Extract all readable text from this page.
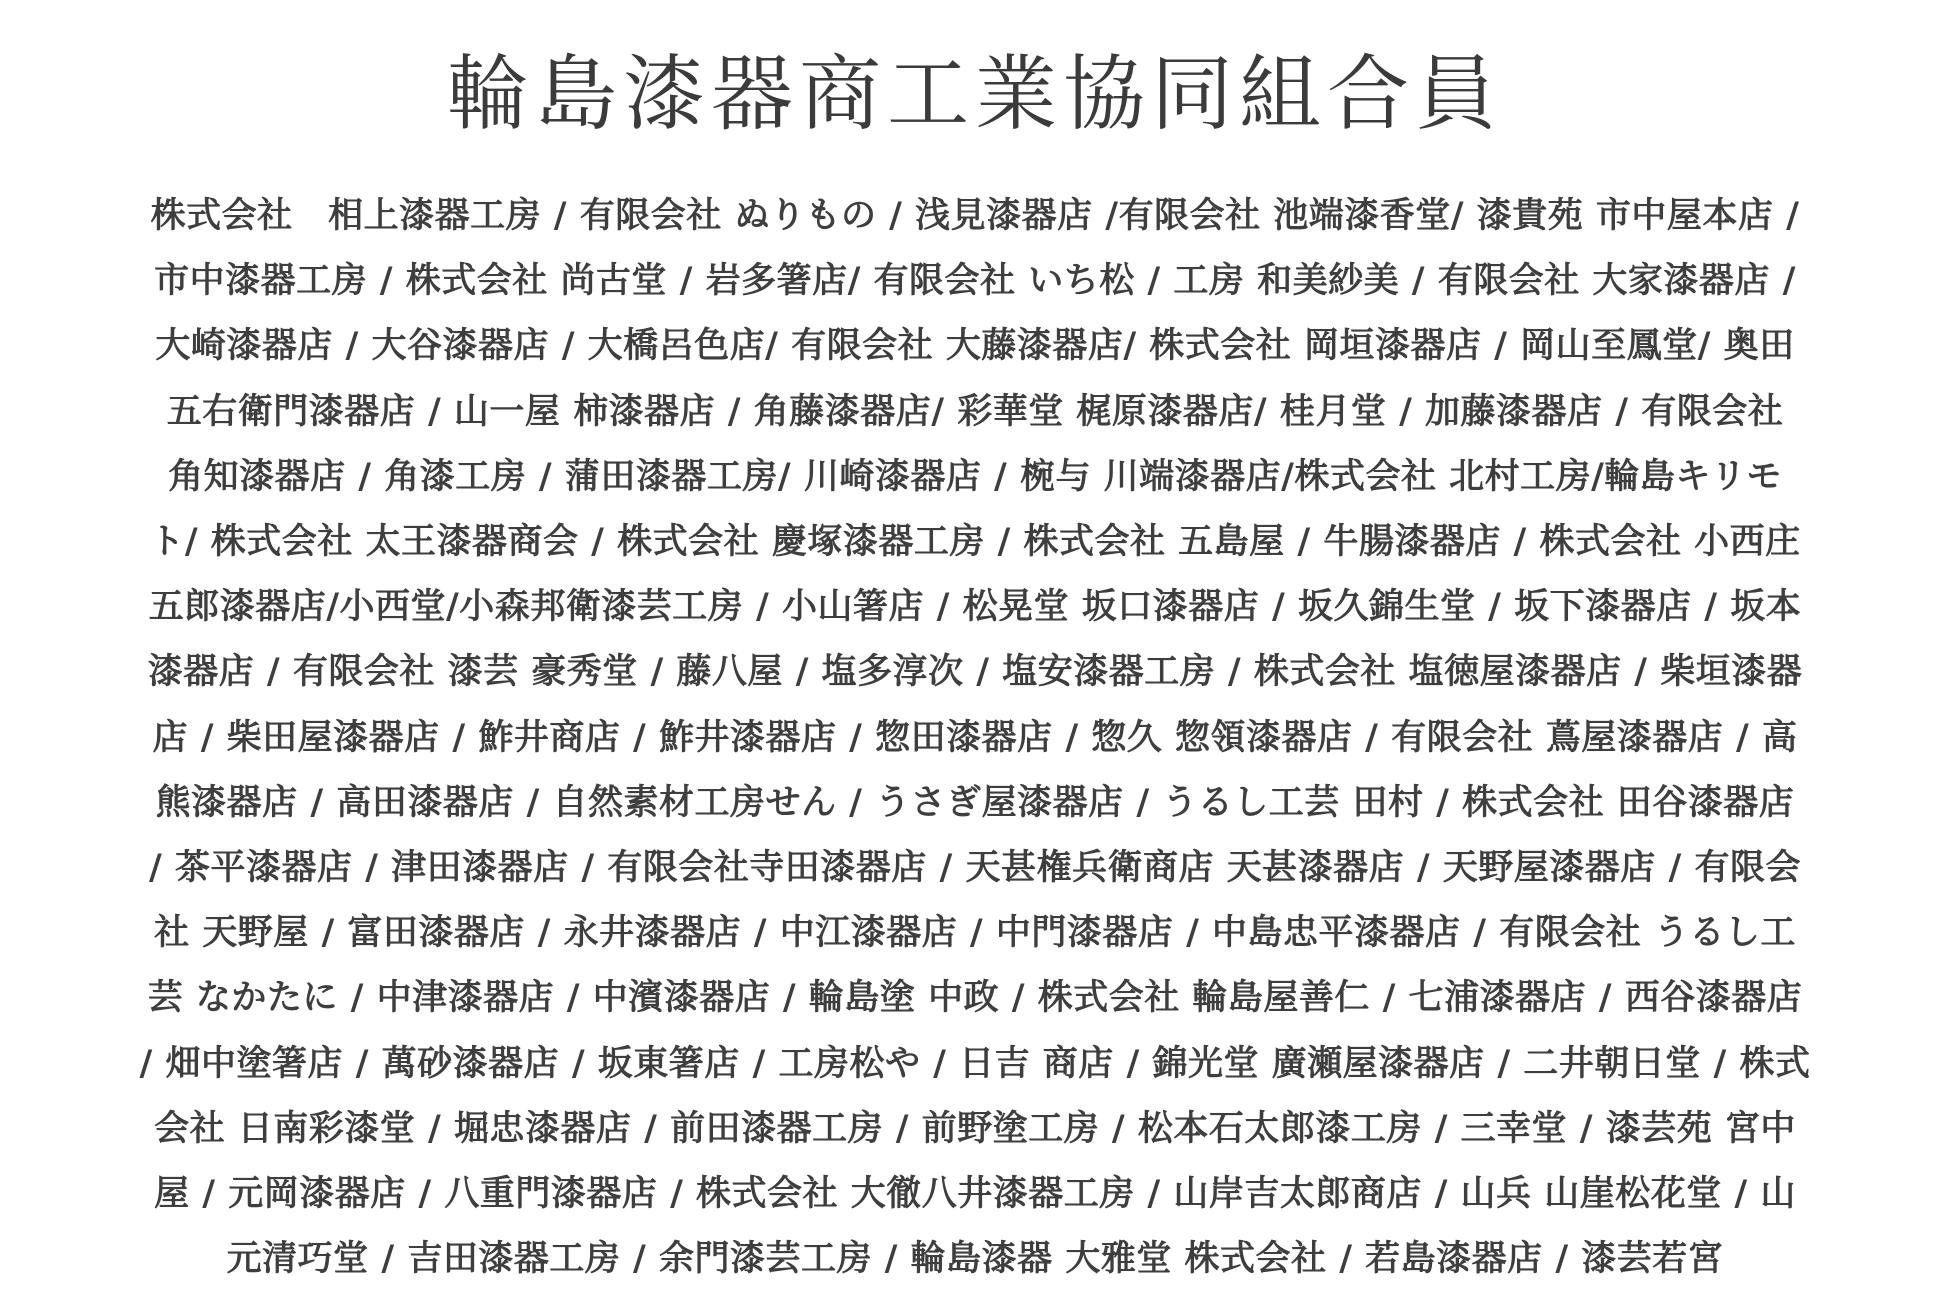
輪島漆器商工業協同組合員
株式会社　相上漆器工房 / 有限会社 ぬりもの / 浅見漆器店 /有限会社 池端漆香堂/ 漆貴苑 市中屋本店 /
市中漆器工房 / 株式会社 尚古堂 / 岩多箸店/ 有限会社 いち松 / 工房 和美紗美 / 有限会社 大家漆器店 /
大崎漆器店 / 大谷漆器店 / 大橋呂色店/ 有限会社 大藤漆器店/ 株式会社 岡垣漆器店 / 岡山至鳳堂/ 奥田
五右衛門漆器店 / 山一屋 柿漆器店 / 角藤漆器店/ 彩華堂 梶原漆器店/ 桂月堂 / 加藤漆器店 / 有限会社
角知漆器店 / 角漆工房 / 蒲田漆器工房/ 川崎漆器店 / 椀与 川端漆器店/株式会社 北村工房/輪島キリモ
ト/ 株式会社 太王漆器商会 / 株式会社 慶塚漆器工房 / 株式会社 五島屋 / 牛腸漆器店 / 株式会社 小西庄
五郎漆器店/小西堂/小森邦衛漆芸工房 / 小山箸店 / 松晃堂 坂口漆器店 / 坂久錦生堂 / 坂下漆器店 / 坂本
漆器店 / 有限会社 漆芸 豪秀堂 / 藤八屋 / 塩多淳次 / 塩安漆器工房 / 株式会社 塩徳屋漆器店 / 柴垣漆器
店 / 柴田屋漆器店 / 鮓井商店 / 鮓井漆器店 / 惣田漆器店 / 惣久 惣領漆器店 / 有限会社 蔦屋漆器店 / 高
熊漆器店 / 高田漆器店 / 自然素材工房せん / うさぎ屋漆器店 / うるし工芸 田村 / 株式会社 田谷漆器店
/ 茶平漆器店 / 津田漆器店 / 有限会社寺田漆器店 / 天甚権兵衛商店 天甚漆器店 / 天野屋漆器店 / 有限会
社 天野屋 / 富田漆器店 / 永井漆器店 / 中江漆器店 / 中門漆器店 / 中島忠平漆器店 / 有限会社 うるし工
芸 なかたに / 中津漆器店 / 中濱漆器店 / 輪島塗 中政 / 株式会社 輪島屋善仁 / 七浦漆器店 / 西谷漆器店
/ 畑中塗箸店 / 萬砂漆器店 / 坂東箸店 / 工房松や / 日吉 商店 / 錦光堂 廣瀬屋漆器店 / 二井朝日堂 / 株式
会社 日南彩漆堂 / 堀忠漆器店 / 前田漆器工房 / 前野塗工房 / 松本石太郎漆工房 / 三幸堂 / 漆芸苑 宮中
屋 / 元岡漆器店 / 八重門漆器店 / 株式会社 大徹八井漆器工房 / 山岸吉太郎商店 / 山兵 山崖松花堂 / 山
元清巧堂 / 吉田漆器工房 / 余門漆芸工房 / 輪島漆器 大雅堂 株式会社 / 若島漆器店 / 漆芸若宮
